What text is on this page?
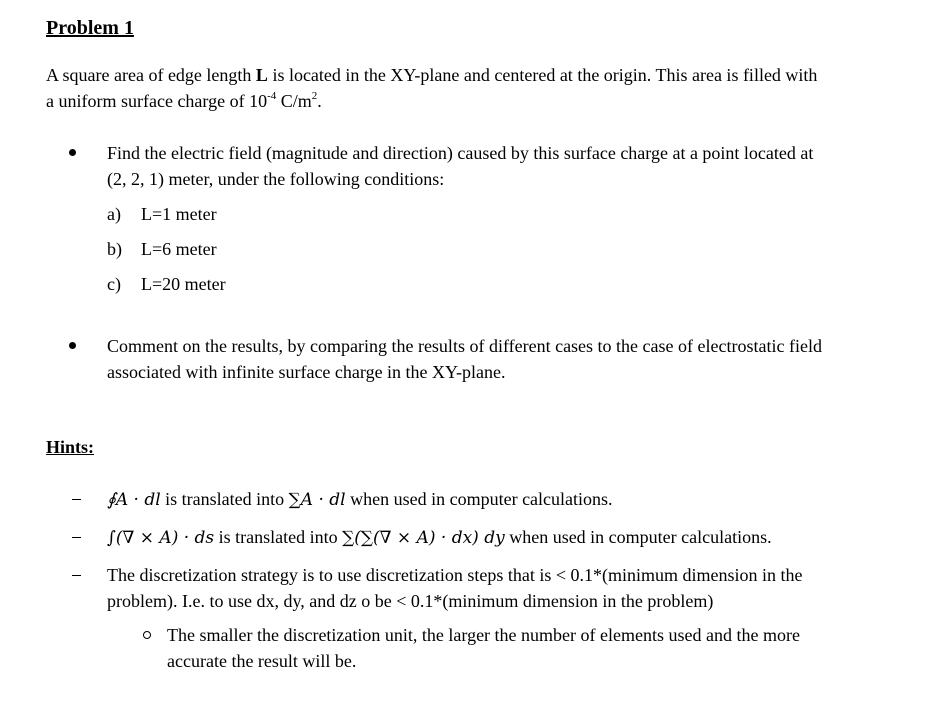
Problem 1
A square area of edge length L is located in the XY-plane and centered at the origin. This area is filled with
a uniform surface charge of $10^{-4}$ $C/m^2$.
Find the electric field (magnitude and direction) caused by this surface charge at a point located at
(2, 2, 1) meter, under the following conditions:
a) L=1 meter
b) L=6 meter
c) L=20 meter
Comment on the results, by comparing the results of different cases to the case of electrostatic field
associated with infinite surface charge in the XY-plane.
Hints:
∮A · dl is translated into ∑A · dl when used in computer calculations.
∫(∇ × A) · ds is translated into ∑(∑(∇ × A) · dx) dy when used in computer calculations.
The discretization strategy is to use discretization steps that is < 0.1*(minimum dimension in the
problem). I.e. to use dx, dy, and dz o be < 0.1*(minimum dimension in the problem)
The smaller the discretization unit, the larger the number of elements used and the more
accurate the result will be.
